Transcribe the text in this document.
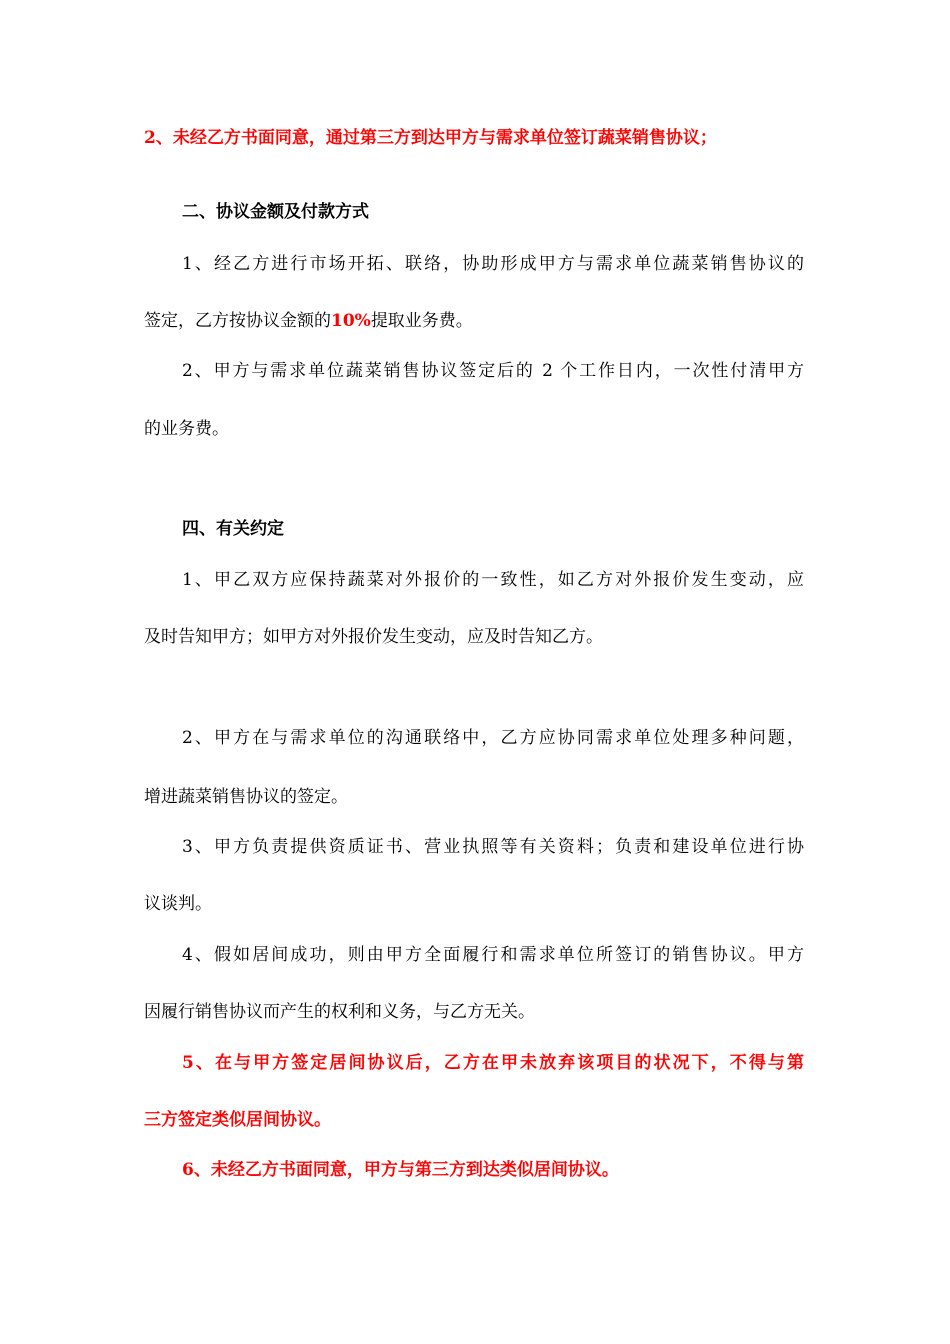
2、未经乙方书面同意，通过第三方到达甲方与需求单位签订蔬菜销售协议；
二、协议金额及付款方式
1、经乙方进行市场开拓、联络，协助形成甲方与需求单位蔬菜销售协议的
签定，乙方按协议金额的10%提取业务费。
2、甲方与需求单位蔬菜销售协议签定后的 2 个工作日内，一次性付清甲方
的业务费。
四、有关约定
1、甲乙双方应保持蔬菜对外报价的一致性，如乙方对外报价发生变动，应
及时告知甲方；如甲方对外报价发生变动，应及时告知乙方。
2、甲方在与需求单位的沟通联络中，乙方应协同需求单位处理多种问题，
增进蔬菜销售协议的签定。
3、甲方负责提供资质证书、营业执照等有关资料；负责和建设单位进行协
议谈判。
4、假如居间成功，则由甲方全面履行和需求单位所签订的销售协议。甲方
因履行销售协议而产生的权利和义务，与乙方无关。
5、在与甲方签定居间协议后，乙方在甲未放弃该项目的状况下，不得与第
三方签定类似居间协议。
6、未经乙方书面同意，甲方与第三方到达类似居间协议。
